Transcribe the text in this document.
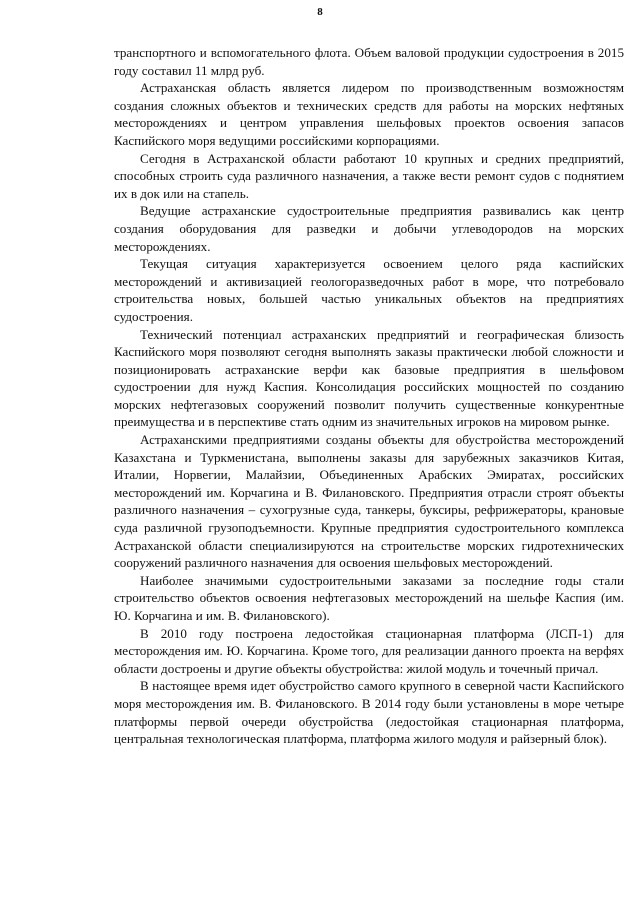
8

транспортного и вспомогательного флота. Объем валовой продукции судостроения в 2015 году составил 11 млрд руб.

Астраханская область является лидером по производственным возможностям создания сложных объектов и технических средств для работы на морских нефтяных месторождениях и центром управления шельфовых проектов освоения запасов Каспийского моря ведущими российскими корпорациями.

Сегодня в Астраханской области работают 10 крупных и средних предприятий, способных строить суда различного назначения, а также вести ремонт судов с поднятием их в док или на стапель.

Ведущие астраханские судостроительные предприятия развивались как центр создания оборудования для разведки и добычи углеводородов на морских месторождениях.

Текущая ситуация характеризуется освоением целого ряда каспийских месторождений и активизацией геологоразведочных работ в море, что потребовало строительства новых, большей частью уникальных объектов на предприятиях судостроения.

Технический потенциал астраханских предприятий и географическая близость Каспийского моря позволяют сегодня выполнять заказы практически любой сложности и позиционировать астраханские верфи как базовые предприятия в шельфовом судостроении для нужд Каспия. Консолидация российских мощностей по созданию морских нефтегазовых сооружений позволит получить существенные конкурентные преимущества и в перспективе стать одним из значительных игроков на мировом рынке.

Астраханскими предприятиями созданы объекты для обустройства месторождений Казахстана и Туркменистана, выполнены заказы для зарубежных заказчиков Китая, Италии, Норвегии, Малайзии, Объединенных Арабских Эмиратах, российских месторождений им. Корчагина и В. Филановского. Предприятия отрасли строят объекты различного назначения – сухогрузные суда, танкеры, буксиры, рефрижераторы, крановые суда различной грузоподъемности. Крупные предприятия судостроительного комплекса Астраханской области специализируются на строительстве морских гидротехнических сооружений различного назначения для освоения шельфовых месторождений.

Наиболее значимыми судостроительными заказами за последние годы стали строительство объектов освоения нефтегазовых месторождений на шельфе Каспия (им. Ю. Корчагина и им. В. Филановского).

В 2010 году построена ледостойкая стационарная платформа (ЛСП-1) для месторождения им. Ю. Корчагина. Кроме того, для реализации данного проекта на верфях области достроены и другие объекты обустройства: жилой модуль и точечный причал.

В настоящее время идет обустройство самого крупного в северной части Каспийского моря месторождения им. В. Филановского. В 2014 году были установлены в море четыре платформы первой очереди обустройства (ледостойкая стационарная платформа, центральная технологическая платформа, платформа жилого модуля и райзерный блок).
